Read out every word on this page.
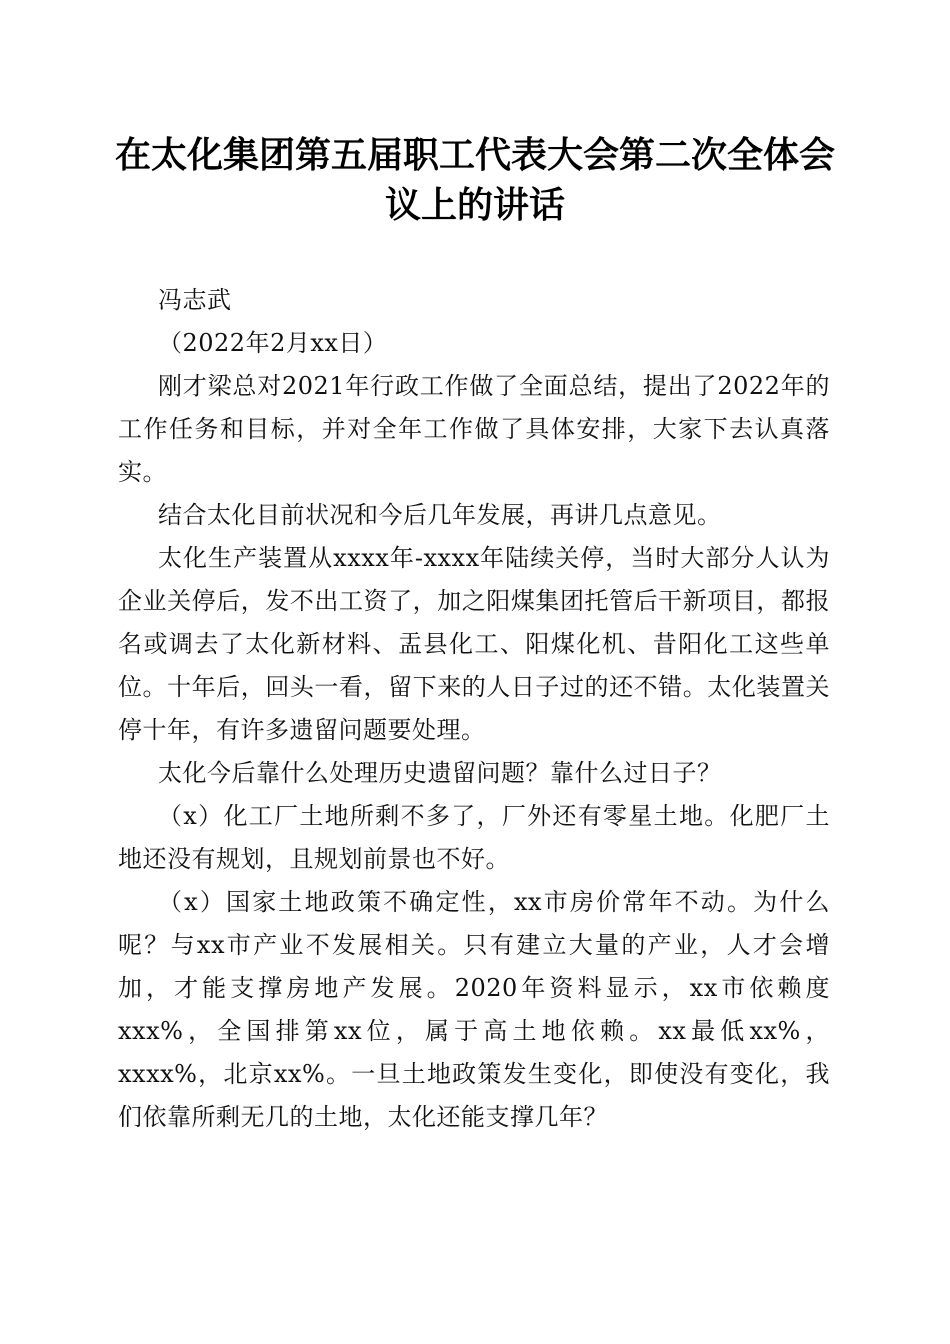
在太化集团第五届职工代表大会第二次全体会
议上的讲话

冯志武

（2022年2月xx日）

刚才梁总对2021年行政工作做了全面总结，提出了2022年的工作任务和目标，并对全年工作做了具体安排，大家下去认真落实。

结合太化目前状况和今后几年发展，再讲几点意见。

太化生产装置从xxxx年-xxxx年陆续关停，当时大部分人认为企业关停后，发不出工资了，加之阳煤集团托管后干新项目，都报名或调去了太化新材料、盂县化工、阳煤化机、昔阳化工这些单位。十年后，回头一看，留下来的人日子过的还不错。太化装置关停十年，有许多遗留问题要处理。

太化今后靠什么处理历史遗留问题？靠什么过日子？

（x）化工厂土地所剩不多了，厂外还有零星土地。化肥厂土地还没有规划，且规划前景也不好。

（x）国家土地政策不确定性，xx市房价常年不动。为什么呢？与xx市产业不发展相关。只有建立大量的产业，人才会增加，才能支撑房地产发展。2020年资料显示，xx市依赖度xxx%，全国排第xx位，属于高土地依赖。xx最低xx%，xxxx%，北京xx%。一旦土地政策发生变化，即使没有变化，我们依靠所剩无几的土地，太化还能支撑几年？
